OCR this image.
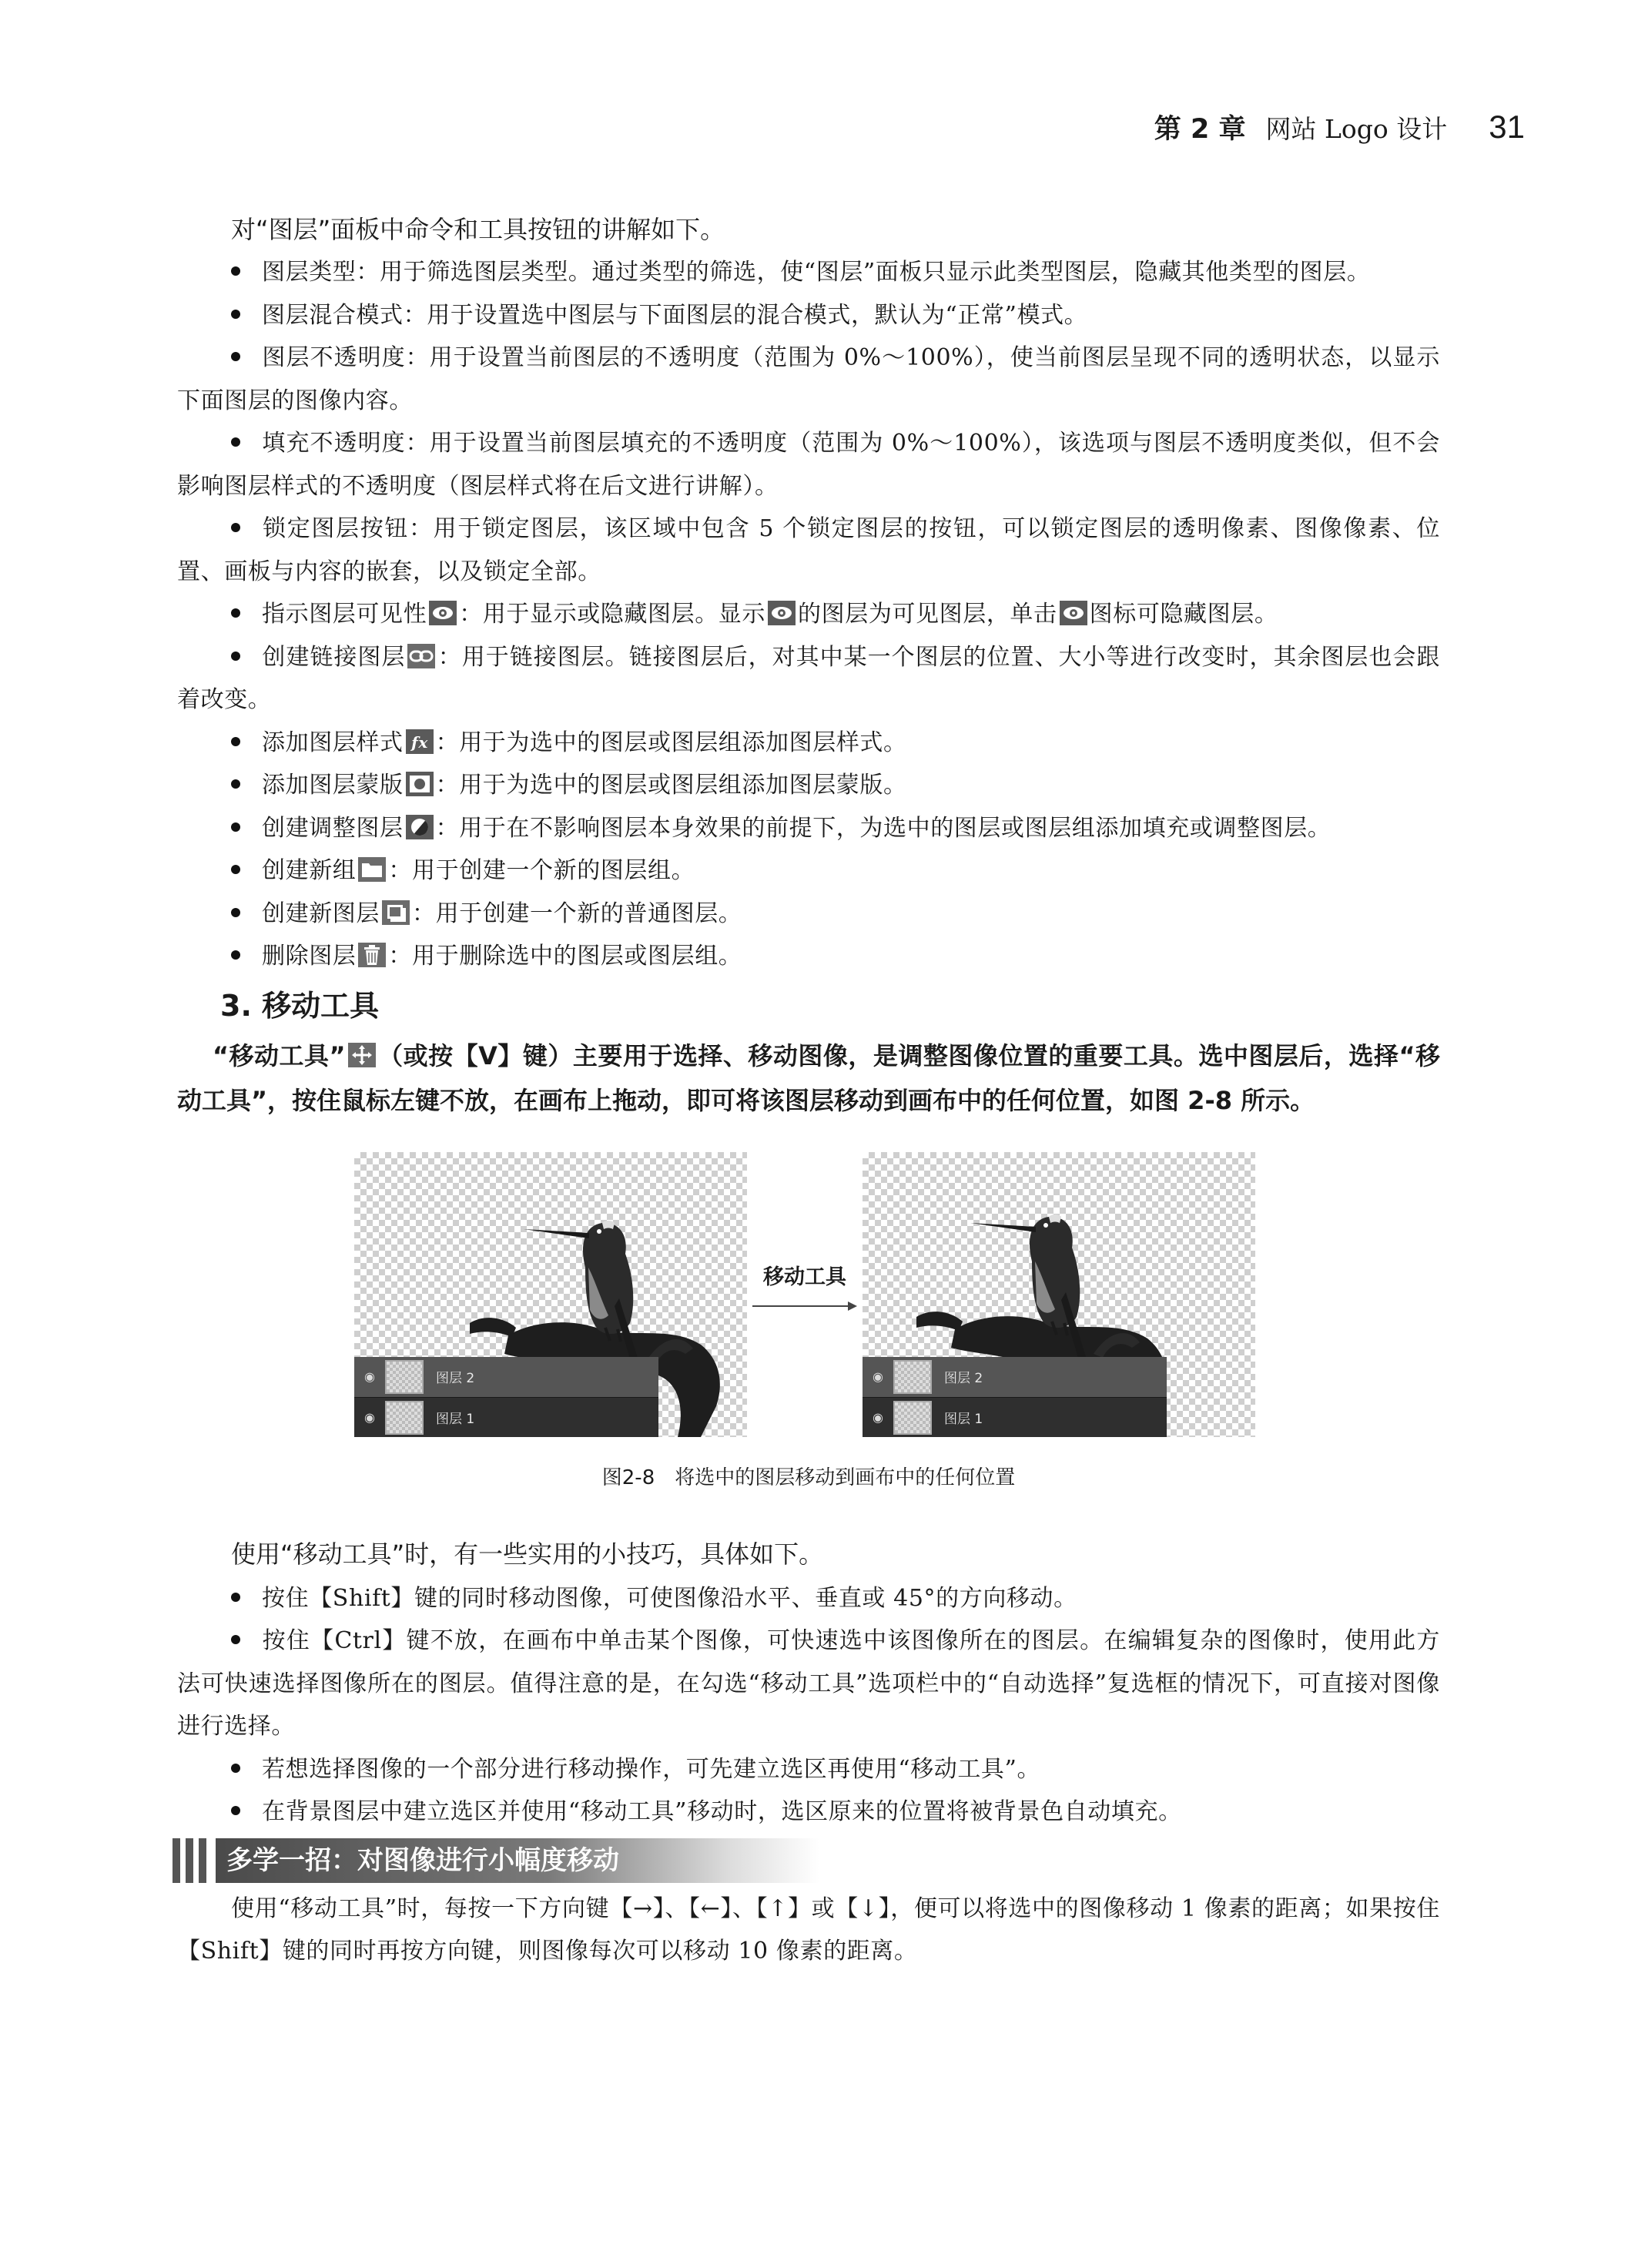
第 2 章 网站 Logo 设计 31

对“图层”面板中命令和工具按钮的讲解如下。

图层类型：用于筛选图层类型。通过类型的筛选，使“图层”面板只显示此类型图层，隐藏其他类型的图层。
图层混合模式：用于设置选中图层与下面图层的混合模式，默认为“正常”模式。
图层不透明度：用于设置当前图层的不透明度（范围为 0%～100%），使当前图层呈现不同的透明状态，以显示下面图层的图像内容。
填充不透明度：用于设置当前图层填充的不透明度（范围为 0%～100%），该选项与图层不透明度类似，但不会影响图层样式的不透明度（图层样式将在后文进行讲解）。
锁定图层按钮：用于锁定图层，该区域中包含 5 个锁定图层的按钮，可以锁定图层的透明像素、图像像素、位置、画板与内容的嵌套，以及锁定全部。
指示图层可见性 ：用于显示或隐藏图层。显示 的图层为可见图层，单击 图标可隐藏图层。
创建链接图层 ：用于链接图层。链接图层后，对其中某一个图层的位置、大小等进行改变时，其余图层也会跟着改变。
添加图层样式 fx ：用于为选中的图层或图层组添加图层样式。
添加图层蒙版 ：用于为选中的图层或图层组添加图层蒙版。
创建调整图层 ：用于在不影响图层本身效果的前提下，为选中的图层或图层组添加填充或调整图层。
创建新组 ：用于创建一个新的图层组。
创建新图层 ：用于创建一个新的普通图层。
删除图层 ：用于删除选中的图层或图层组。
3. 移动工具

“移动工具” （或按【V】键）主要用于选择、移动图像，是调整图像位置的重要工具。选中图层后，选择“移动工具”，按住鼠标左键不放，在画布上拖动，即可将该图层移动到画布中的任何位置，如图 2-8 所示。

◉	图层 2
◉	图层 1
移动工具
◉	图层 2
◉	图层 1
图2-8　将选中的图层移动到画布中的任何位置

使用“移动工具”时，有一些实用的小技巧，具体如下。

按住【Shift】键的同时移动图像，可使图像沿水平、垂直或 45°的方向移动。
按住【Ctrl】键不放，在画布中单击某个图像，可快速选中该图像所在的图层。在编辑复杂的图像时，使用此方法可快速选择图像所在的图层。值得注意的是，在勾选“移动工具”选项栏中的“自动选择”复选框的情况下，可直接对图像进行选择。
若想选择图像的一个部分进行移动操作，可先建立选区再使用“移动工具”。
在背景图层中建立选区并使用“移动工具”移动时，选区原来的位置将被背景色自动填充。
多学一招：对图像进行小幅度移动

使用“移动工具”时，每按一下方向键【→】、【←】、【↑】或【↓】，便可以将选中的图像移动 1 像素的距离；如果按住【Shift】键的同时再按方向键，则图像每次可以移动 10 像素的距离。
